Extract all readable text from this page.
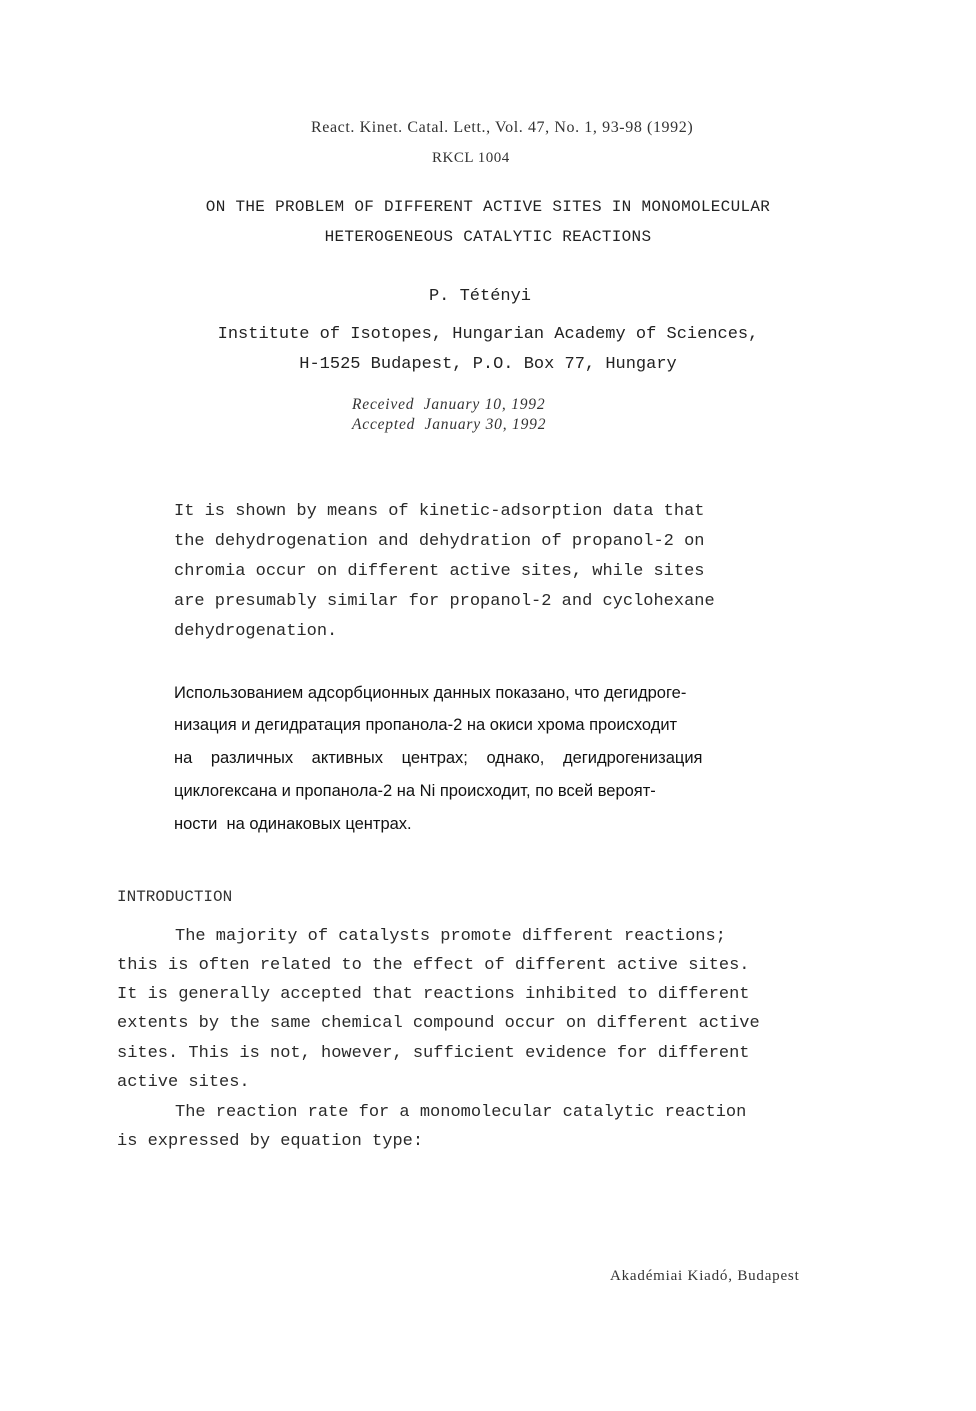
React. Kinet. Catal. Lett., Vol. 47, No. 1, 93-98 (1992)
RKCL 1004
ON THE PROBLEM OF DIFFERENT ACTIVE SITES IN MONOMOLECULAR
HETEROGENEOUS CATALYTIC REACTIONS
P. Tétényi
Institute of Isotopes, Hungarian Academy of Sciences,
H-1525 Budapest, P.O. Box 77, Hungary
Received  January 10, 1992
Accepted  January 30, 1992
It is shown by means of kinetic-adsorption data that
the dehydrogenation and dehydration of propanol-2 on
chromia occur on different active sites, while sites
are presumably similar for propanol-2 and cyclohexane
dehydrogenation.
Использованием адсорбционных данных показано, что дегидроге-
низация и дегидратация пропанола-2 на окиси хрома происходит
на различных активных центрах; однако, дегидрогенизация
циклогексана и пропанола-2 на Ni происходит, по всей вероят-
ности  на одинаковых центрах.
INTRODUCTION
The majority of catalysts promote different reactions;
this is often related to the effect of different active sites.
It is generally accepted that reactions inhibited to different
extents by the same chemical compound occur on different active
sites. This is not, however, sufficient evidence for different
active sites.
The reaction rate for a monomolecular catalytic reaction
is expressed by equation type:
Akadémiai Kiadó, Budapest
